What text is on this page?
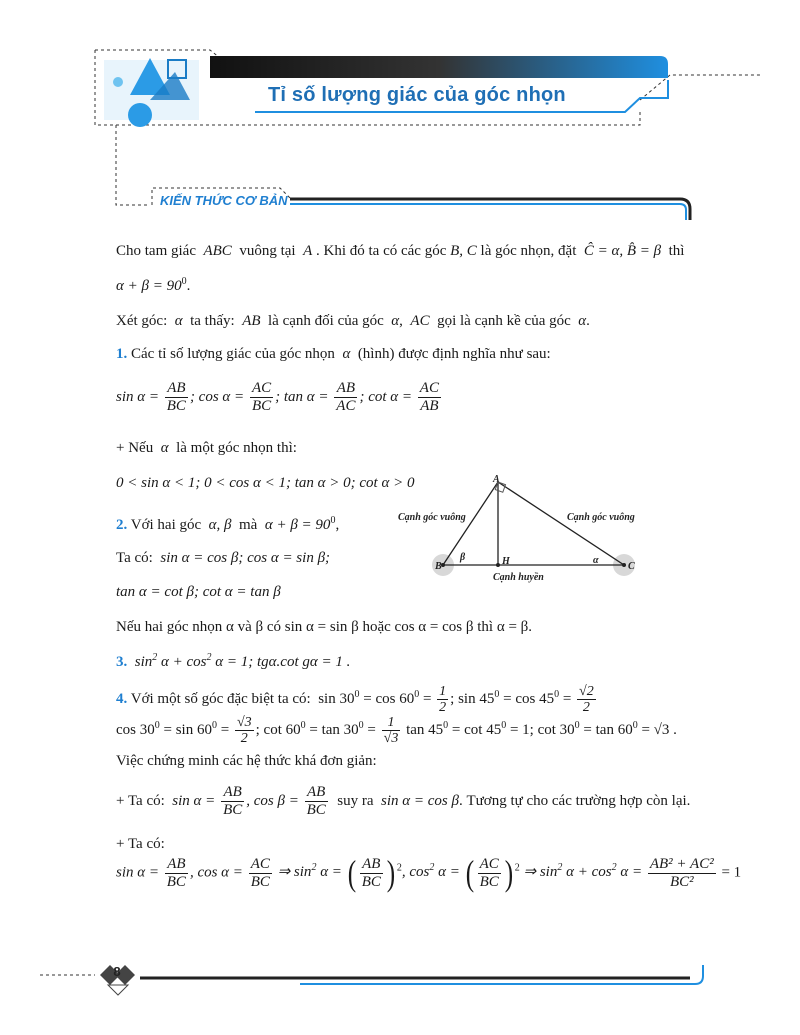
Tỉ số lượng giác của góc nhọn
KIẾN THỨC CƠ BẢN
Cho tam giác ABC vuông tại A . Khi đó ta có các góc B, C là góc nhọn, đặt Ĉ = α, B̂ = β thì
$\alpha + \beta = 90^0$.
Xét góc: α ta thấy: AB là cạnh đối của góc α,  AC gọi là cạnh kề của góc α.
1. Các tỉ số lượng giác của góc nhọn α (hình) được định nghĩa như sau:
$\sin \alpha = \frac{AB}{BC}$ ; $\cos \alpha = \frac{AC}{BC}$ ; $\tan \alpha = \frac{AB}{AC}$ ; $\cot \alpha = \frac{AC}{AB}$
+ Nếu α là một góc nhọn thì:
0 < sin α < 1; 0 < cos α < 1; tan α > 0; cot α > 0
2. Với hai góc α, β mà $\alpha + \beta = 90^0$,
Ta có: sin α = cos β; cos α = sin β;
tan α = cot β; cot α = tan β
A
B	C
H
β	α
Cạnh góc vuông	Cạnh góc vuông
Cạnh huyền
Nếu hai góc nhọn α và β có sin α = sin β hoặc cos α = cos β thì α = β.
3. $\sin^2 \alpha + \cos^2 \alpha = 1$; tgα.cot gα = 1 .
4. Với một số góc đặc biệt ta có: $\sin 30^0 = \cos 60^0 = \frac{1}{2}$ ; $\sin 45^0 = \cos 45^0 = \frac{√2}{2}$
$\cos 30^0 = \sin 60^0 = \frac{√3}{2}$ ; $\cot 60^0 = \tan 30^0 = \frac{1}{√3}$ $\tan 45^0 = \cot 45^0 = 1$; $\cot 30^0 = \tan 60^0 = √3$ .
Việc chứng minh các hệ thức khá đơn giản:
+ Ta có: $\sin \alpha = \frac{AB}{BC}$ , $\cos \beta = \frac{AB}{BC}$ suy ra sin α = cos β. Tương tự cho các trường hợp còn lại.
+ Ta có:
$\sin \alpha = \frac{AB}{BC}$ , $\cos \alpha = \frac{AC}{BC}$ ⇒ $\sin^2 \alpha$ = ( $\frac{AB}{BC}$ ) $^2$, $\cos^2 \alpha$ = ( $\frac{AC}{BC}$ ) $^2$ ⇒ $\sin^2 \alpha + \cos^2 \alpha = \frac{\text{AB² + AC²}}{\text{BC²}} = 1$
8
